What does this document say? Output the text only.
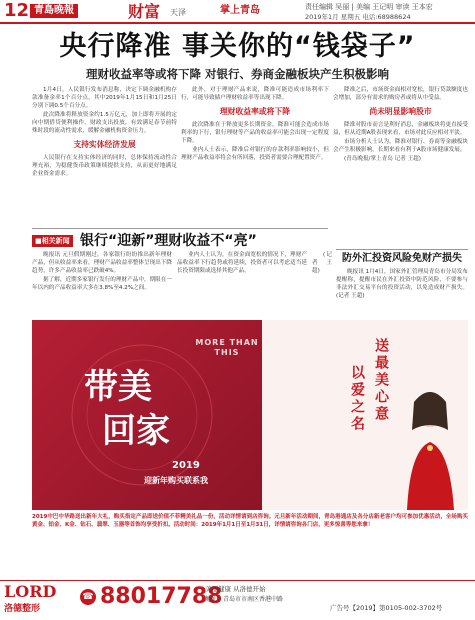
12 青島晚報	财富 天泽	掌上青岛	责任编辑 吴丽 | 美编 王记明 审读 王本宏
2019年1月 星期五 电话:68988624
央行降准 事关你的“钱袋子”
理财收益率等或将下降 对银行、券商金融板块产生积极影响

1月4日，人民银行发布消息称，决定下调金融机构存款准备金率1个百分点，其中2019年1月15日和1月25日分别下调0.5个百分点。

此次降准将释放资金约1.5万亿元，加上即将开展的定向中期借贷便利操作，财政支出投放，有效满足春节前特殊时段的流动性需求，缓解金融机构资金压力。

支持实体经济发展

人民银行在支持实体经济的同时，总体保持流动性合理充裕，为稳健货币政策继续提供支持，从而更好地满足企业资金需求。

此外，对于理财产品来说，降准可能造成市场利率下行，可能导致储户理财收益率等出现下降。

理财收益率或将下降

此次降准在于释放更多长期资金，降准可能会造成市场利率的下行，银行理财等产品的收益率可能会出现一定程度下降。

业内人士表示，降准后对银行的存款利率影响较小，但理财产品收益率将会有所回落，投资者需要合理配置资产。

降准之后，市场资金面相对宽松，银行贷款额度也会增加，部分有需求的购房者或将从中受益。

尚未明显影响股市

降准对股市而言是利好消息，金融板块将更直接受益，但从近期A股表现来看，市场对此反应相对平淡。

市场分析人士认为，降准对银行、券商等金融板块会产生积极影响，长期来看有利于A股市场健康发展。

(青岛晚报/掌上青岛 记者 王超)

■相关新闻 银行“迎新”理财收益不“亮”

晚报讯 元旦假期刚过，各家银行纷纷推出新年理财产品，但从收益率来看，理财产品收益率整体呈现出下降趋势，许多产品收益率已跌破4%。

据了解，近期多家银行发行的理财产品中，期限在一年以内的产品收益率大多在3.8%至4.2%之间。

业内人士认为，在资金面宽松的情况下，理财产品收益率下行趋势或将延续，投资者可以考虑适当延长投资期限或选择其他产品。

(记者 王超)

防外汇投资风险免财产损失

晚报讯 1月4日，国家外汇管理局青岛市分局发布提醒称，提醒市民在外汇投资中防范风险，不要参与非法外汇交易平台的投资活动，以免造成财产损失。(记者 王超)

MORE THAN THIS
带美
回家
2019
迎新年购买联系我
送最美心意
以爱之名
2019中巴中华路送出新年大礼，购买指定产品即送价值不菲精美礼品一份，活动详情请到店咨询。元旦新年活动期间，青岛港通店及各分店新老客户均可参加优惠活动，全场购买黄金、铂金、K金、钻石、翡翠、玉器等首饰均享受折扣。活动时间：2019年1月1日至1月31日，详情请咨询各门店，更多惊喜等您来拿！
LORD
洛德整形
☎ 88017788
美丽健康 从洛德开始
地址：青岛市市南区香港中路
广告号【2019】第0105-002-3702号
